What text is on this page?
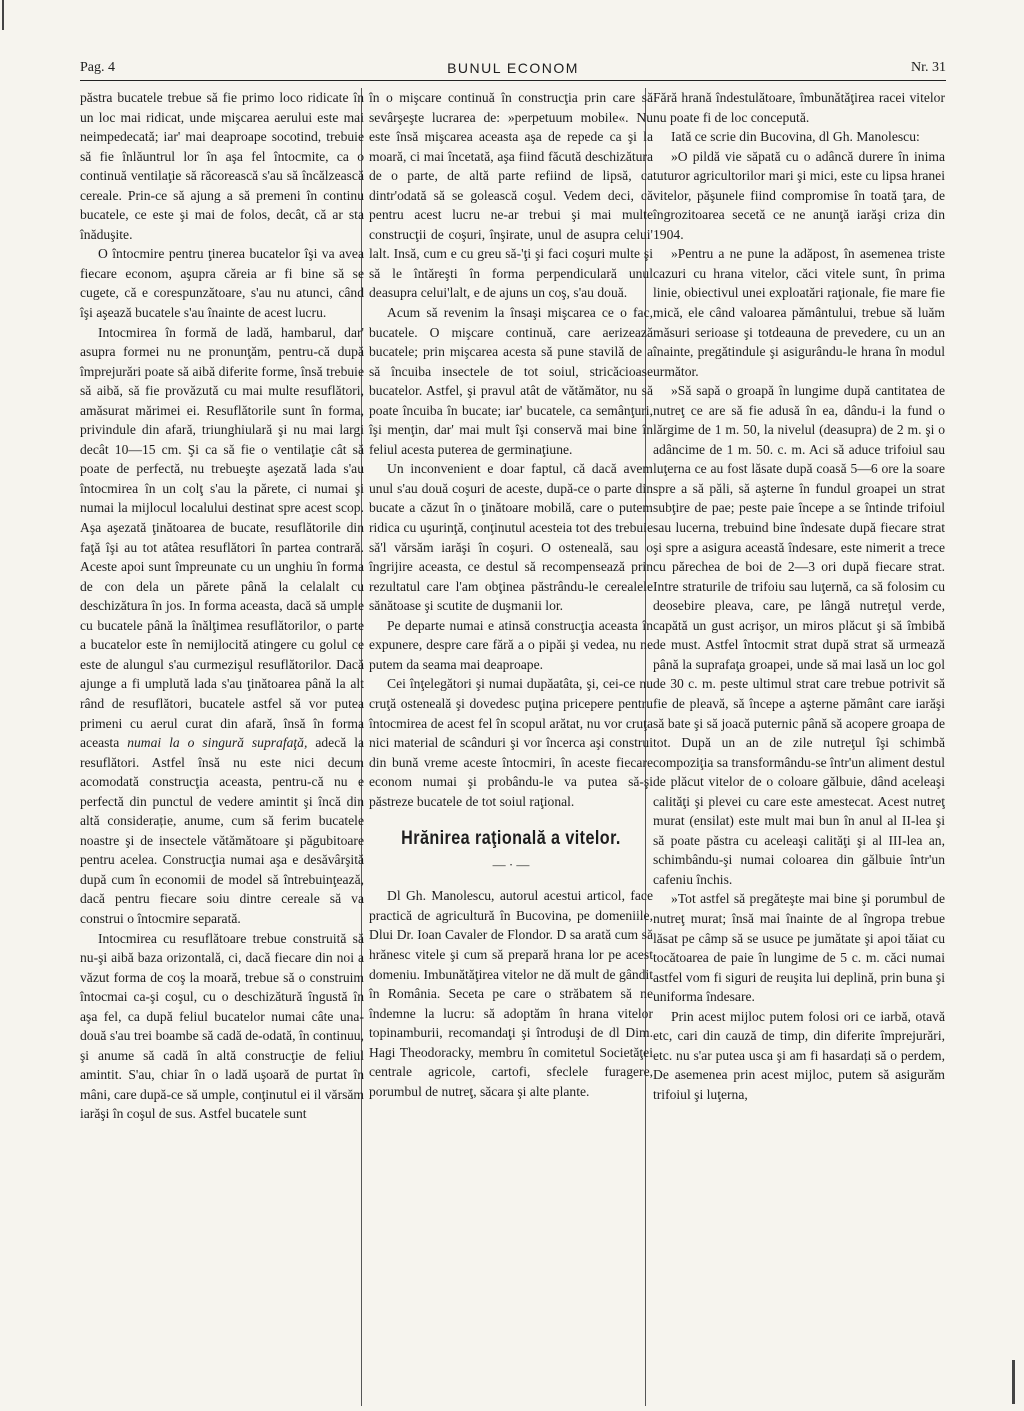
Pag. 4	BUNUL ECONOM	Nr. 31

păstra bucatele trebue să fie primo loco ridicate în un loc mai ridicat, unde mişcarea aerului este mai neimpedecată; iar' mai deaproape socotind, trebuie să fie înlăuntrul lor în aşa fel întocmite, ca o continuă ventilaţie să răcorească s'au să încălzească cereale. Prin-ce să ajung a să premeni în continu bucatele, ce este şi mai de folos, decât, că ar sta înăduşite.

O întocmire pentru ţinerea bucatelor îşi va avea fiecare econom, aşupra căreia ar fi bine să se cugete, că e corespunzătoare, s'au nu atunci, când îşi aşează bucatele s'au înainte de acest lucru.

Intocmirea în formă de ladă, hambarul, dar' asupra formei nu ne pronunţăm, pentru-că după împrejurări poate să aibă diferite forme, însă trebuie să aibă, să fie provăzută cu mai multe resuflători, amăsurat mărimei ei. Resuflătorile sunt în forma, privindule din afară, triunghiulară şi nu mai largi decât 10—15 cm. Şi ca să fie o ventilaţie cât să poate de perfectă, nu trebueşte aşezată lada s'au întocmirea în un colţ s'au la părete, ci numai şi numai la mijlocul localului destinat spre acest scop. Aşa aşezată ţinătoarea de bucate, resuflătorile din faţă îşi au tot atâtea resuflători în partea contrară. Aceste apoi sunt împreunate cu un unghiu în forma de con dela un părete până la celalalt cu deschizătura în jos. In forma aceasta, dacă să umple cu bucatele până la înălţimea resuflătorilor, o parte a bucatelor este în nemijlocită atingere cu golul ce este de alungul s'au curmezişul resuflătorilor. Dacă ajunge a fi umplută lada s'au ţinătoarea până la alt rând de resuflători, bucatele astfel să vor putea primeni cu aerul curat din afară, însă în forma aceasta numai la o singură suprafaţă, adecă la resuflători. Astfel însă nu este nici decum acomodată construcţia aceasta, pentru-că nu e perfectă din punctul de vedere amintit şi încă din altă considerație, anume, cum să ferim bucatele noastre şi de insectele vătămătoare şi păgubitoare pentru acelea. Construcţia numai aşa e desăvârşită după cum în economii de model să întrebuinţează, dacă pentru fiecare soiu dintre cereale să va construi o întocmire separată.

Intocmirea cu resuflătoare trebue construită să nu-şi aibă baza orizontală, ci, dacă fiecare din noi a văzut forma de coş la moară, trebue să o construim întocmai ca-şi coşul, cu o deschizătură îngustă în aşa fel, ca după feliul bucatelor numai câte una-două s'au trei boambe să cadă de-odată, în continuu, şi anume să cadă în altă construcţie de feliul amintit. S'au, chiar în o ladă uşoară de purtat în mâni, care după-ce să umple, conţinutul ei il vărsăm iarăşi în coşul de sus. Astfel bucatele sunt

în o mişcare continuă în construcţia prin care să sevârşeşte lucrarea de: »perpetuum mobile«. Nu este însă mişcarea aceasta aşa de repede ca şi la moară, ci mai încetată, aşa fiind făcută deschizătura de o parte, de altă parte refiind de lipsă, ca dintr'odată să se golească coşul. Vedem deci, că pentru acest lucru ne-ar trebui şi mai multe construcţii de coşuri, înşirate, unul de asupra celui' lalt. Insă, cum e cu greu să-'ţi şi faci coşuri multe şi să le întăreşti în forma perpendiculară unul deasupra celui'lalt, e de ajuns un coş, s'au două.

Acum să revenim la însaşi mişcarea ce o fac, bucatele. O mişcare continuă, care aerizează bucatele; prin mişcarea acesta să pune stavilă de a să încuiba insectele de tot soiul, stricăcioase bucatelor. Astfel, şi pravul atât de vătămător, nu să poate încuiba în bucate; iar' bucatele, ca semânţuri, îşi menţin, dar' mai mult îşi conservă mai bine în feliul acesta puterea de germinaţiune.

Un inconvenient e doar faptul, că dacă avem unul s'au două coşuri de aceste, după-ce o parte din bucate a căzut în o ţinătoare mobilă, care o putem ridica cu uşurinţă, conţinutul acesteia tot des trebuie să'l vărsăm iarăşi în coşuri. O osteneală, sau o îngrijire aceasta, ce destul să recompensează prin rezultatul care l'am obţinea păstrându-le cerealele sănătoase şi scutite de duşmanii lor.

Pe departe numai e atinsă construcţia aceasta în expunere, despre care fără a o pipăi şi vedea, nu ne putem da seama mai deaproape.

Cei înţelegători şi numai dupăatâta, şi, cei-ce nu cruţă osteneală şi dovedesc puţina pricepere pentru întocmirea de acest fel în scopul arătat, nu vor cruţa nici material de scânduri şi vor încerca aşi construi din bună vreme aceste întocmiri, în aceste fiecare econom numai şi probându-le va putea să-şi păstreze bucatele de tot soiul raţional.

Hrănirea raţională a vitelor.
— · —

Dl Gh. Manolescu, autorul acestui articol, face practică de agricultură în Bucovina, pe domeniile, Dlui Dr. Ioan Cavaler de Flondor. D sa arată cum să hrănesc vitele şi cum să prepară hrana lor pe acest domeniu. Imbunătăţirea vitelor ne dă mult de gândit în România. Seceta pe care o străbatem să ne îndemne la lucru: să adoptăm în hrana vitelor topinamburii, recomandaţi şi întroduşi de dl Dim. Hagi Theodoracky, membru în comitetul Societăţei centrale agricole, cartofi, sfeclele furagere, porumbul de nutreţ, săcara şi alte plante.

Fără hrană îndestulătoare, îmbunătăţirea racei vitelor nu poate fi de loc concepută.

Iată ce scrie din Bucovina, dl Gh. Manolescu:

»O pildă vie săpată cu o adâncă durere în inima tuturor agricultorilor mari şi mici, este cu lipsa hranei vitelor, păşunele fiind compromise în toată ţara, de îngrozitoarea secetă ce ne anunţă iarăşi criza din 1904.

»Pentru a ne pune la adăpost, în asemenea triste cazuri cu hrana vitelor, căci vitele sunt, în prima linie, obiectivul unei exploatări raţionale, fie mare fie mică, ele când valoarea pământului, trebue să luăm măsuri serioase şi totdeauna de prevedere, cu un an înainte, pregătindule şi asigurându-le hrana în modul următor.

»Să sapă o groapă în lungime după cantitatea de nutreţ ce are să fie adusă în ea, dându-i la fund o lărgime de 1 m. 50, la nivelul (deasupra) de 2 m. şi o adâncime de 1 m. 50. c. m. Aci să aduce trifoiul sau luţerna ce au fost lăsate după coasă 5—6 ore la soare spre a să păli, să aşterne în fundul groapei un strat subţire de pae; peste paie începe a se întinde trifoiul sau lucerna, trebuind bine îndesate după fiecare strat şi spre a asigura această îndesare, este nimerit a trece cu părechea de boi de 2—3 ori după fiecare strat. Intre straturile de trifoiu sau luţernă, ca să folosim cu deosebire pleava, care, pe lângă nutreţul verde, capătă un gust acrişor, un miros plăcut şi să îmbibă de must. Astfel întocmit strat după strat să urmează până la suprafaţa groapei, unde să mai lasă un loc gol de 30 c. m. peste ultimul strat care trebue potrivit să fie de pleavă, să începe a aşterne pământ care iarăşi să bate şi să joacă puternic până să acopere groapa de tot. După un an de zile nutreţul îşi schimbă compoziţia sa transformându-se într'un aliment destul de plăcut vitelor de o coloare gălbuie, dând aceleaşi calităţi şi plevei cu care este amestecat. Acest nutreţ murat (ensilat) este mult mai bun în anul al II-lea şi să poate păstra cu aceleaşi calităţi şi al III-lea an, schimbându-şi numai coloarea din gălbuie într'un cafeniu închis.

»Tot astfel să pregăteşte mai bine şi porumbul de nutreţ murat; însă mai înainte de al îngropa trebue lăsat pe câmp să se usuce pe jumătate şi apoi tăiat cu tocătoarea de paie în lungime de 5 c. m. căci numai astfel vom fi siguri de reuşita lui deplină, prin buna şi uniforma îndesare.

Prin acest mijloc putem folosi ori ce iarbă, otavă etc, cari din cauză de timp, din diferite împrejurări, etc. nu s'ar putea usca şi am fi hasardați să o perdem, De asemenea prin acest mijloc, putem să asigurăm trifoiul şi luţerna,
